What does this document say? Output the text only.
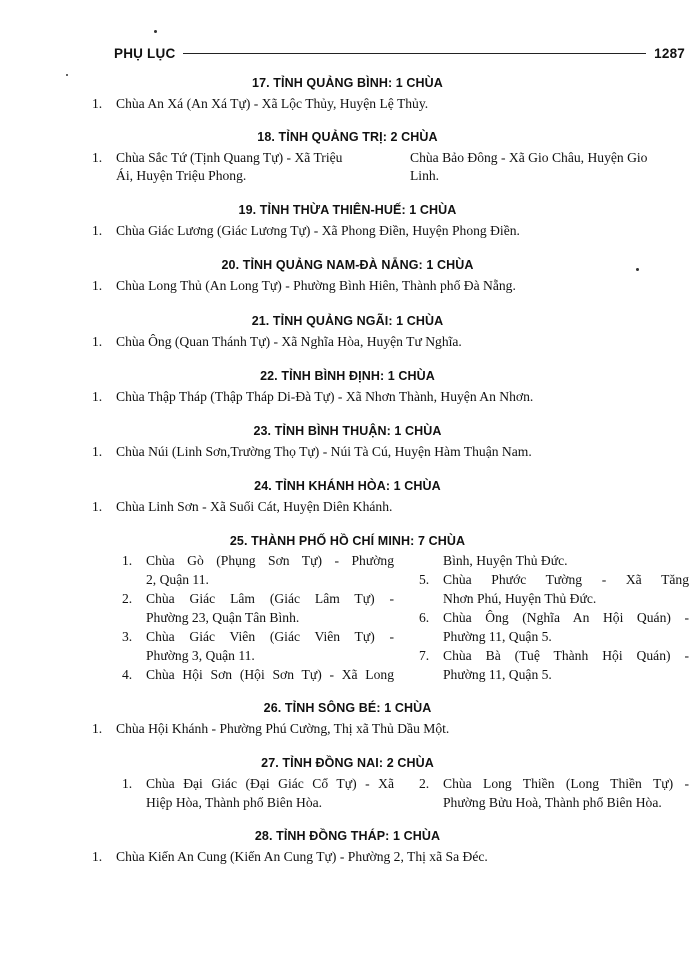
PHỤ LỤC	1287
17. TỈNH QUẢNG BÌNH: 1 CHÙA
1. Chùa An Xá (An Xá Tự) - Xã Lộc Thủy, Huyện Lệ Thủy.
18. TỈNH QUẢNG TRỊ: 2 CHÙA
1. Chùa Sắc Tứ (Tịnh Quang Tự) - Xã Triệu
Ái, Huyện Triệu Phong.
Chùa Bảo Đông - Xã Gio Châu, Huyện Gio
Linh.
19. TỈNH THỪA THIÊN-HUẾ: 1 CHÙA
1. Chùa Giác Lương (Giác Lương Tự) - Xã Phong Điền, Huyện Phong Điền.
20. TỈNH QUẢNG NAM-ĐÀ NẴNG: 1 CHÙA
1. Chùa Long Thủ (An Long Tự) - Phường Bình Hiên, Thành phố Đà Nẵng.
21. TỈNH QUẢNG NGÃI: 1 CHÙA
1. Chùa Ông (Quan Thánh Tự) - Xã Nghĩa Hòa, Huyện Tư Nghĩa.
22. TỈNH BÌNH ĐỊNH: 1 CHÙA
1. Chùa Thập Tháp (Thập Tháp Di-Đà Tự) - Xã Nhơn Thành, Huyện An Nhơn.
23. TỈNH BÌNH THUẬN: 1 CHÙA
1. Chùa Núi (Linh Sơn,Trường Thọ Tự) - Núi Tà Cú, Huyện Hàm Thuận Nam.
24. TỈNH KHÁNH HÒA: 1 CHÙA
1. Chùa Linh Sơn - Xã Suối Cát, Huyện Diên Khánh.
25. THÀNH PHỐ HỒ CHÍ MINH: 7 CHÙA
1. Chùa Gò (Phụng Sơn Tự) - Phường
2, Quận 11.
2. Chùa Giác Lâm (Giác Lâm Tự) -
Phường 23, Quận Tân Bình.
3. Chùa Giác Viên (Giác Viên Tự) -
Phường 3, Quận 11.
4. Chùa Hội Sơn (Hội Sơn Tự) - Xã Long
Bình, Huyện Thủ Đức.
5. Chùa Phước Tường - Xã Tăng
Nhơn Phú, Huyện Thủ Đức.
6. Chùa Ông (Nghĩa An Hội Quán) -
Phường 11, Quận 5.
7. Chùa Bà (Tuệ Thành Hội Quán) -
Phường 11, Quận 5.
26. TỈNH SÔNG BÉ: 1 CHÙA
1. Chùa Hội Khánh - Phường Phú Cường, Thị xã Thủ Dầu Một.
27. TỈNH ĐỒNG NAI: 2 CHÙA
1. Chùa Đại Giác (Đại Giác Cổ Tự) - Xã
Hiệp Hòa, Thành phố Biên Hòa.
2. Chùa Long Thiền (Long Thiền Tự) -
Phường Bửu Hoà, Thành phố Biên Hòa.
28. TỈNH ĐỒNG THÁP: 1 CHÙA
1. Chùa Kiến An Cung (Kiến An Cung Tự) - Phường 2, Thị xã Sa Đéc.
